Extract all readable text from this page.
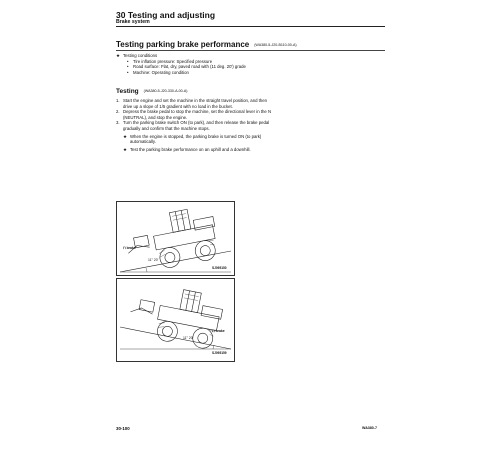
30 Testing and adjusting
Brake system
Testing parking brake performance (WA380-5-J20-B110-00-A)
★ Testing conditions
•	Tire inflation pressure: Specified pressure
•	Road surface: Flat, dry, paved road with (11 deg. 20') grade
•	Machine: Operating condition
Testing (WA380-5-J20-330-A-00-A)
1. Start the engine and set the machine in the straight travel position, and then drive up a slope of 1/5 gradient with no load in the bucket.
2. Depress the brake pedal to stop the machine, set the directional lever in the N (NEUTRAL), and stop the engine.
3. Turn the parking brake switch ON (to park), and then release the brake pedal gradually and confirm that the machine stops.
★ When the engine is stopped, the parking brake is turned ON (to park) automatically.
★ Test the parking brake performance on an uphill and a downhill.
⊓ brake
11° 20'
SJ095150
⊓ brake
11° 20'
SJ095159
30-100	WA380-7
